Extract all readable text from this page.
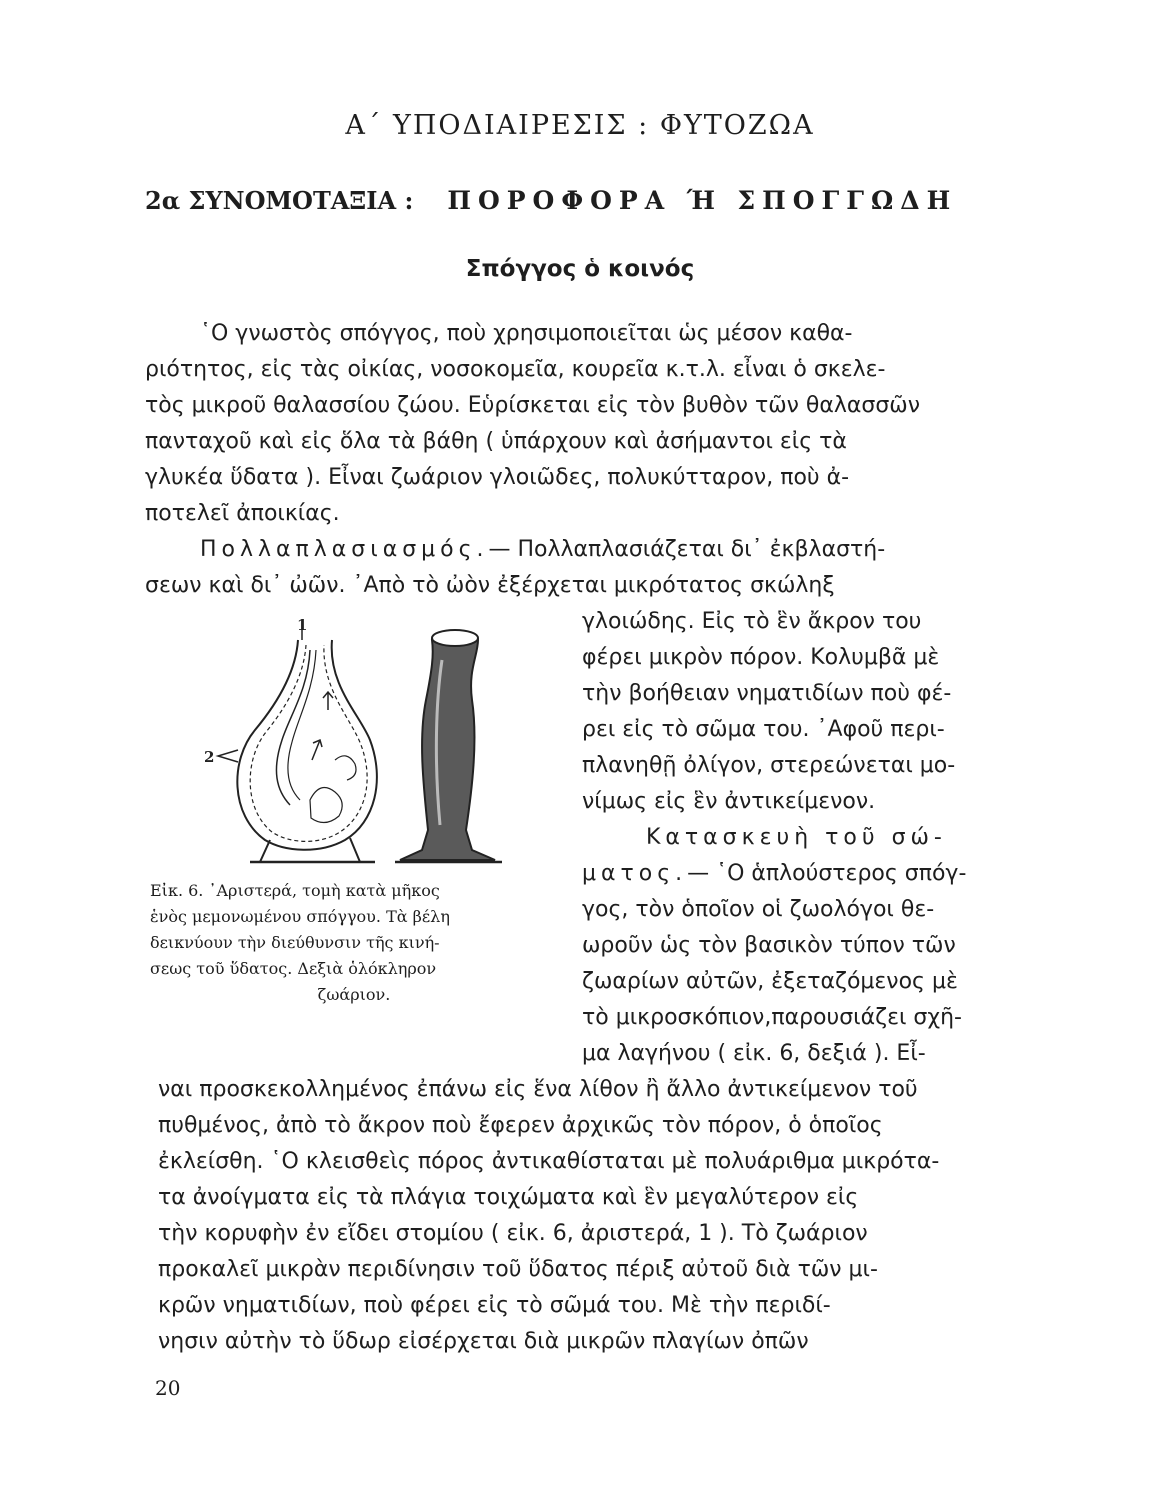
Α΄ ΥΠΟΔΙΑΙΡΕΣΙΣ : ΦΥΤΟΖΩΑ
2α ΣΥΝΟΜΟΤΑΞΙΑ : ΠΟΡΟΦΟΡΑ Ή ΣΠΟΓΓΩΔΗ
Σπόγγος ὁ κοινός
῾Ο γνωστὸς σπόγγος, ποὺ χρησιμοποιεῖται ὡς μέσον καθα-
ριότητος, εἰς τὰς οἰκίας, νοσοκομεῖα, κουρεῖα κ.τ.λ. εἶναι ὁ σκελε-
τὸς μικροῦ θαλασσίου ζώου. Εὑρίσκεται εἰς τὸν βυθὸν τῶν θαλασσῶν
πανταχοῦ καὶ εἰς ὅλα τὰ βάθη ( ὑπάρχουν καὶ ἀσήμαντοι εἰς τὰ
γλυκέα ὕδατα ). Εἶναι ζωάριον γλοιῶδες, πολυκύτταρον, ποὺ ἀ-
ποτελεῖ ἀποικίας.
Πολλαπλασιασμός.— Πολλαπλασιάζεται δι᾽ ἐκβλαστή-
σεων καὶ δι᾽ ὠῶν. ᾽Απὸ τὸ ὠὸν ἐξέρχεται μικρότατος σκώληξ
γλοιώδης. Εἰς τὸ ἓν ἄκρον του
φέρει μικρὸν πόρον. Κολυμβᾶ μὲ
τὴν βοήθειαν νηματιδίων ποὺ φέ-
ρει εἰς τὸ σῶμα του. ᾽Αφοῦ περι-
πλανηθῇ ὀλίγον, στερεώνεται μο-
νίμως εἰς ἓν ἀντικείμενον.
Κατασκευὴ τοῦ σώ-
ματος.— ῾Ο ἁπλούστερος σπόγ-
γος, τὸν ὁποῖον οἱ ζωολόγοι θε-
ωροῦν ὡς τὸν βασικὸν τύπον τῶν
ζωαρίων αὐτῶν, ἐξεταζόμενος μὲ
τὸ μικροσκόπιον,παρουσιάζει σχῆ-
μα λαγήνου ( εἰκ. 6, δεξιά ). Εἶ-
ναι προσκεκολλημένος ἐπάνω εἰς ἕνα λίθον ἢ ἄλλο ἀντικείμενον τοῦ
πυθμένος, ἀπὸ τὸ ἄκρον ποὺ ἔφερεν ἀρχικῶς τὸν πόρον, ὁ ὁποῖος
ἐκλείσθη. ῾Ο κλεισθεὶς πόρος ἀντικαθίσταται μὲ πολυάριθμα μικρότα-
τα ἀνοίγματα εἰς τὰ πλάγια τοιχώματα καὶ ἓν μεγαλύτερον εἰς
τὴν κορυφὴν ἐν εἴδει στομίου ( εἰκ. 6, ἀριστερά, 1 ). Τὸ ζωάριον
προκαλεῖ μικρὰν περιδίνησιν τοῦ ὕδατος πέριξ αὐτοῦ διὰ τῶν μι-
κρῶν νηματιδίων, ποὺ φέρει εἰς τὸ σῶμά του. Μὲ τὴν περιδί-
νησιν αὐτὴν τὸ ὕδωρ εἰσέρχεται διὰ μικρῶν πλαγίων ὀπῶν
1
2
Εἰκ. 6. ᾽Αριστερά, τομὴ κατὰ μῆκος
ἑνὸς μεμονωμένου σπόγγου. Τὰ βέλη
δεικνύουν τὴν διεύθυνσιν τῆς κινή-
σεως τοῦ ὕδατος. Δεξιὰ ὁλόκληρον
ζωάριον.
20
